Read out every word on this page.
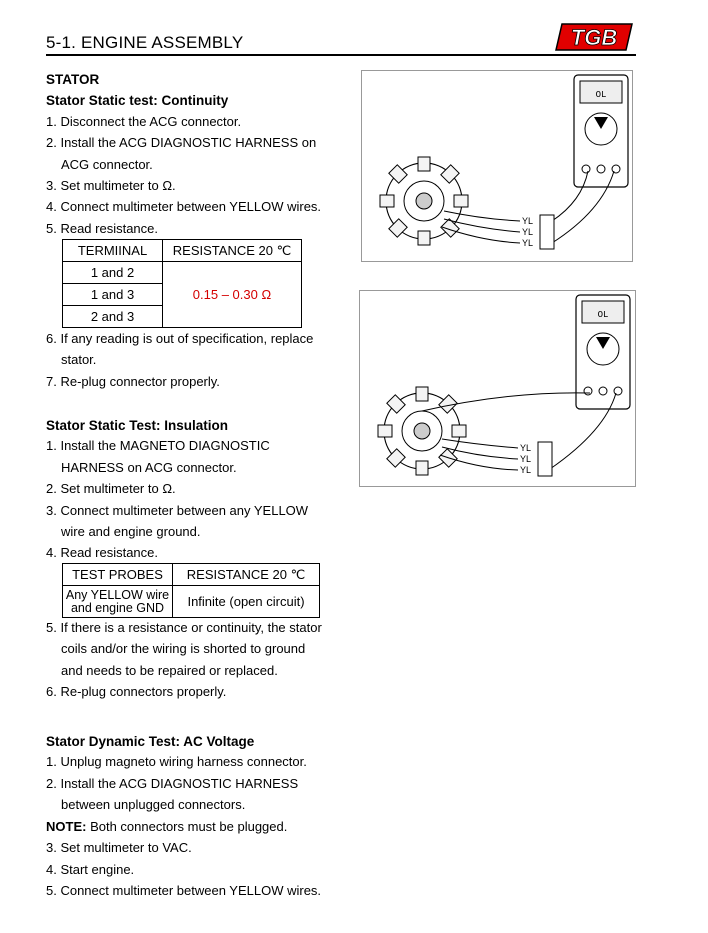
5-1. ENGINE ASSEMBLY	TGB
STATOR
Stator Static test: Continuity
1. Disconnect the ACG connector.
2. Install the ACG DIAGNOSTIC HARNESS on
ACG connector.
3. Set multimeter to Ω.
4. Connect multimeter between YELLOW wires.
5. Read resistance.
TERMIINAL	RESISTANCE 20 ℃
1 and 2	0.15 – 0.30 Ω
1 and 3	
2 and 3	
6. If any reading is out of specification, replace
stator.
7. Re-plug connector properly.
Stator Static Test: Insulation
1. Install the MAGNETO DIAGNOSTIC
HARNESS on ACG connector.
2. Set multimeter to Ω.
3. Connect multimeter between any YELLOW
wire and engine ground.
4. Read resistance.
TEST PROBES	RESISTANCE 20 ℃

Any YELLOW wire
and engine GND	Infinite (open circuit)
5. If there is a resistance or continuity, the stator
coils and/or the wiring is shorted to ground
and needs to be repaired or replaced.
6. Re-plug connectors properly.
Stator Dynamic Test: AC Voltage
1. Unplug magneto wiring harness connector.
2. Install the ACG DIAGNOSTIC HARNESS
between unplugged connectors.
NOTE: Both connectors must be plugged.
3. Set multimeter to VAC.
4. Start engine.
5. Connect multimeter between YELLOW wires.
OL
YL
YL
YL
OL
YL
YL
YL
